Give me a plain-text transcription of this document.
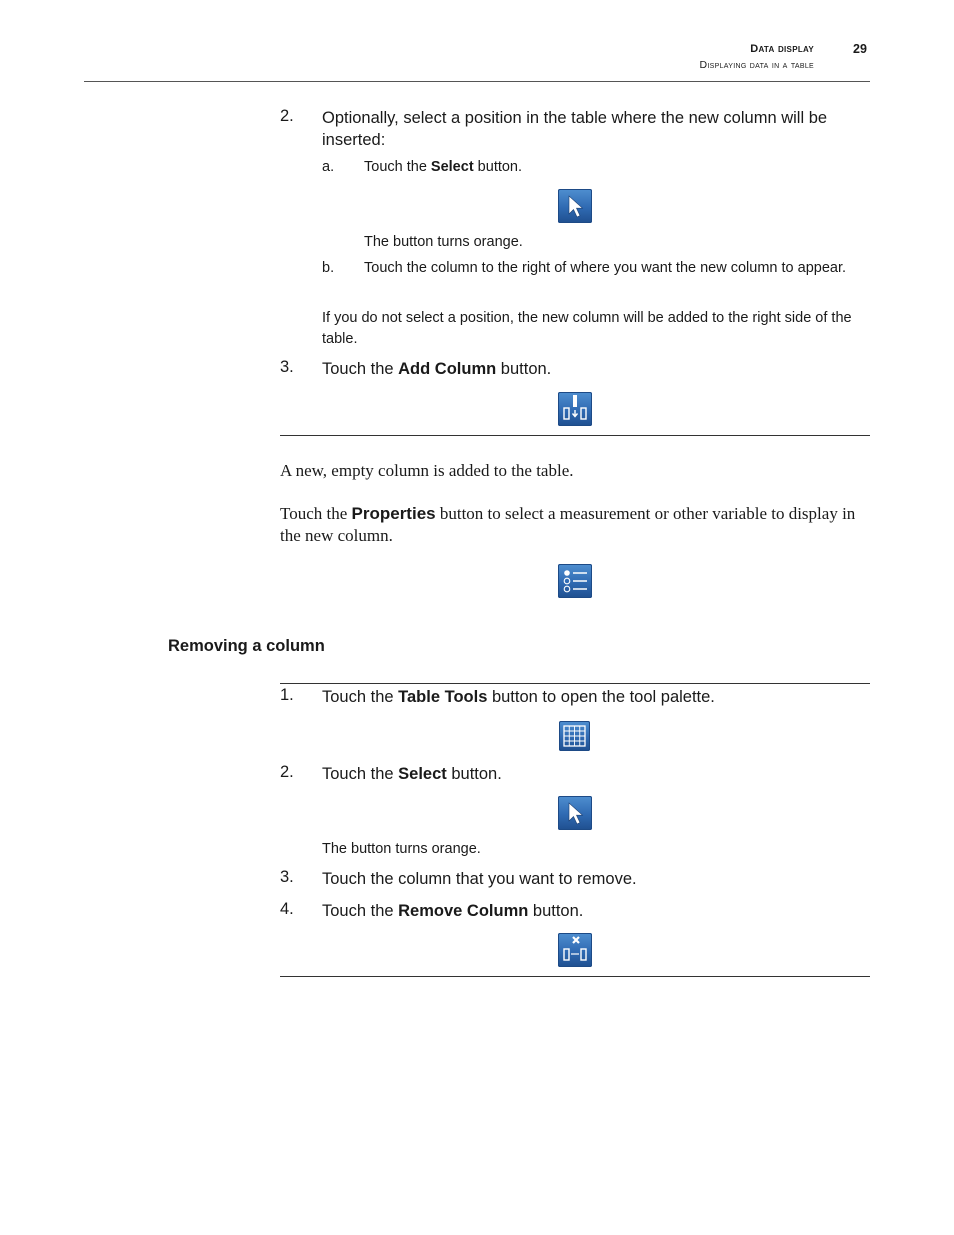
Data display
Displaying data in a table
29
2. Optionally, select a position in the table where the new column will be inserted:
a. Touch the Select button.
The button turns orange.
b. Touch the column to the right of where you want the new column to appear.
If you do not select a position, the new column will be added to the right side of the table.
3. Touch the Add Column button.
A new, empty column is added to the table.
Touch the Properties button to select a measurement or other variable to display in the new column.
Removing a column
1. Touch the Table Tools button to open the tool palette.
2. Touch the Select button.
The button turns orange.
3. Touch the column that you want to remove.
4. Touch the Remove Column button.
